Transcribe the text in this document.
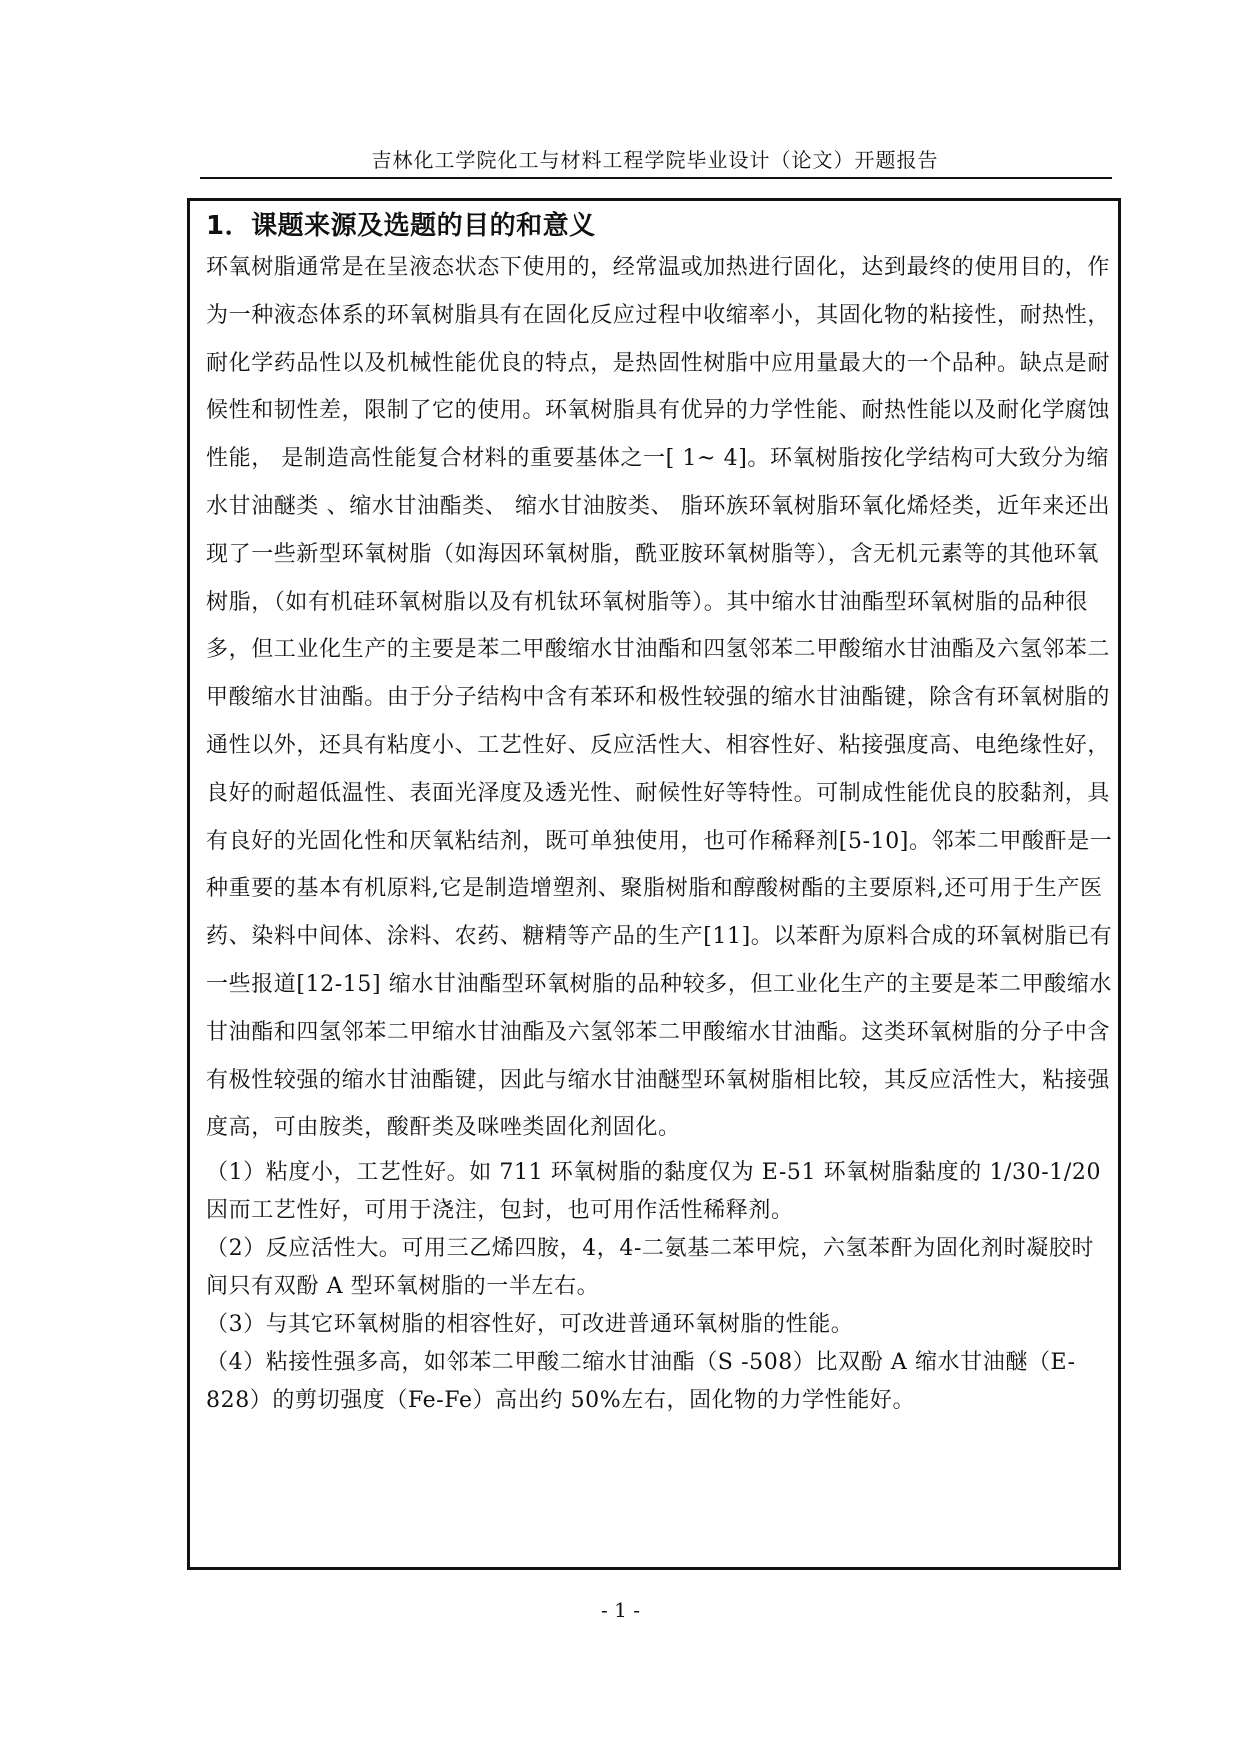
吉林化工学院化工与材料工程学院毕业设计（论文）开题报告
1．课题来源及选题的目的和意义

环氧树脂通常是在呈液态状态下使用的，经常温或加热进行固化，达到最终的使用目的，作为一种液态体系的环氧树脂具有在固化反应过程中收缩率小，其固化物的粘接性，耐热性，耐化学药品性以及机械性能优良的特点，是热固性树脂中应用量最大的一个品种。缺点是耐候性和韧性差，限制了它的使用。环氧树脂具有优异的力学性能、耐热性能以及耐化学腐蚀性能， 是制造高性能复合材料的重要基体之一[ 1~ 4]。环氧树脂按化学结构可大致分为缩水甘油醚类 、缩水甘油酯类、 缩水甘油胺类、 脂环族环氧树脂环氧化烯烃类，近年来还出现了一些新型环氧树脂（如海因环氧树脂，酰亚胺环氧树脂等），含无机元素等的其他环氧树脂，（如有机硅环氧树脂以及有机钛环氧树脂等）。其中缩水甘油酯型环氧树脂的品种很多，但工业化生产的主要是苯二甲酸缩水甘油酯和四氢邻苯二甲酸缩水甘油酯及六氢邻苯二甲酸缩水甘油酯。由于分子结构中含有苯环和极性较强的缩水甘油酯键，除含有环氧树脂的通性以外，还具有粘度小、工艺性好、反应活性大、相容性好、粘接强度高、电绝缘性好，良好的耐超低温性、表面光泽度及透光性、耐候性好等特性。可制成性能优良的胶黏剂，具有良好的光固化性和厌氧粘结剂，既可单独使用，也可作稀释剂[5-10]。邻苯二甲酸酐是一种重要的基本有机原料,它是制造增塑剂、聚脂树脂和醇酸树酯的主要原料,还可用于生产医药、染料中间体、涂料、农药、糖精等产品的生产[11]。以苯酐为原料合成的环氧树脂已有一些报道[12-15] 缩水甘油酯型环氧树脂的品种较多，但工业化生产的主要是苯二甲酸缩水甘油酯和四氢邻苯二甲缩水甘油酯及六氢邻苯二甲酸缩水甘油酯。这类环氧树脂的分子中含有极性较强的缩水甘油酯键，因此与缩水甘油醚型环氧树脂相比较，其反应活性大，粘接强度高，可由胺类，酸酐类及咪唑类固化剂固化。

（1）粘度小，工艺性好。如 711 环氧树脂的黏度仅为 E-51 环氧树脂黏度的 1/30-1/20 因而工艺性好，可用于浇注，包封，也可用作活性稀释剂。

（2）反应活性大。可用三乙烯四胺，4，4-二氨基二苯甲烷，六氢苯酐为固化剂时凝胶时间只有双酚 A 型环氧树脂的一半左右。

（3）与其它环氧树脂的相容性好，可改进普通环氧树脂的性能。

（4）粘接性强多高，如邻苯二甲酸二缩水甘油酯（S -508）比双酚 A 缩水甘油醚（E-828）的剪切强度（Fe-Fe）高出约 50%左右，固化物的力学性能好。

- 1 -
